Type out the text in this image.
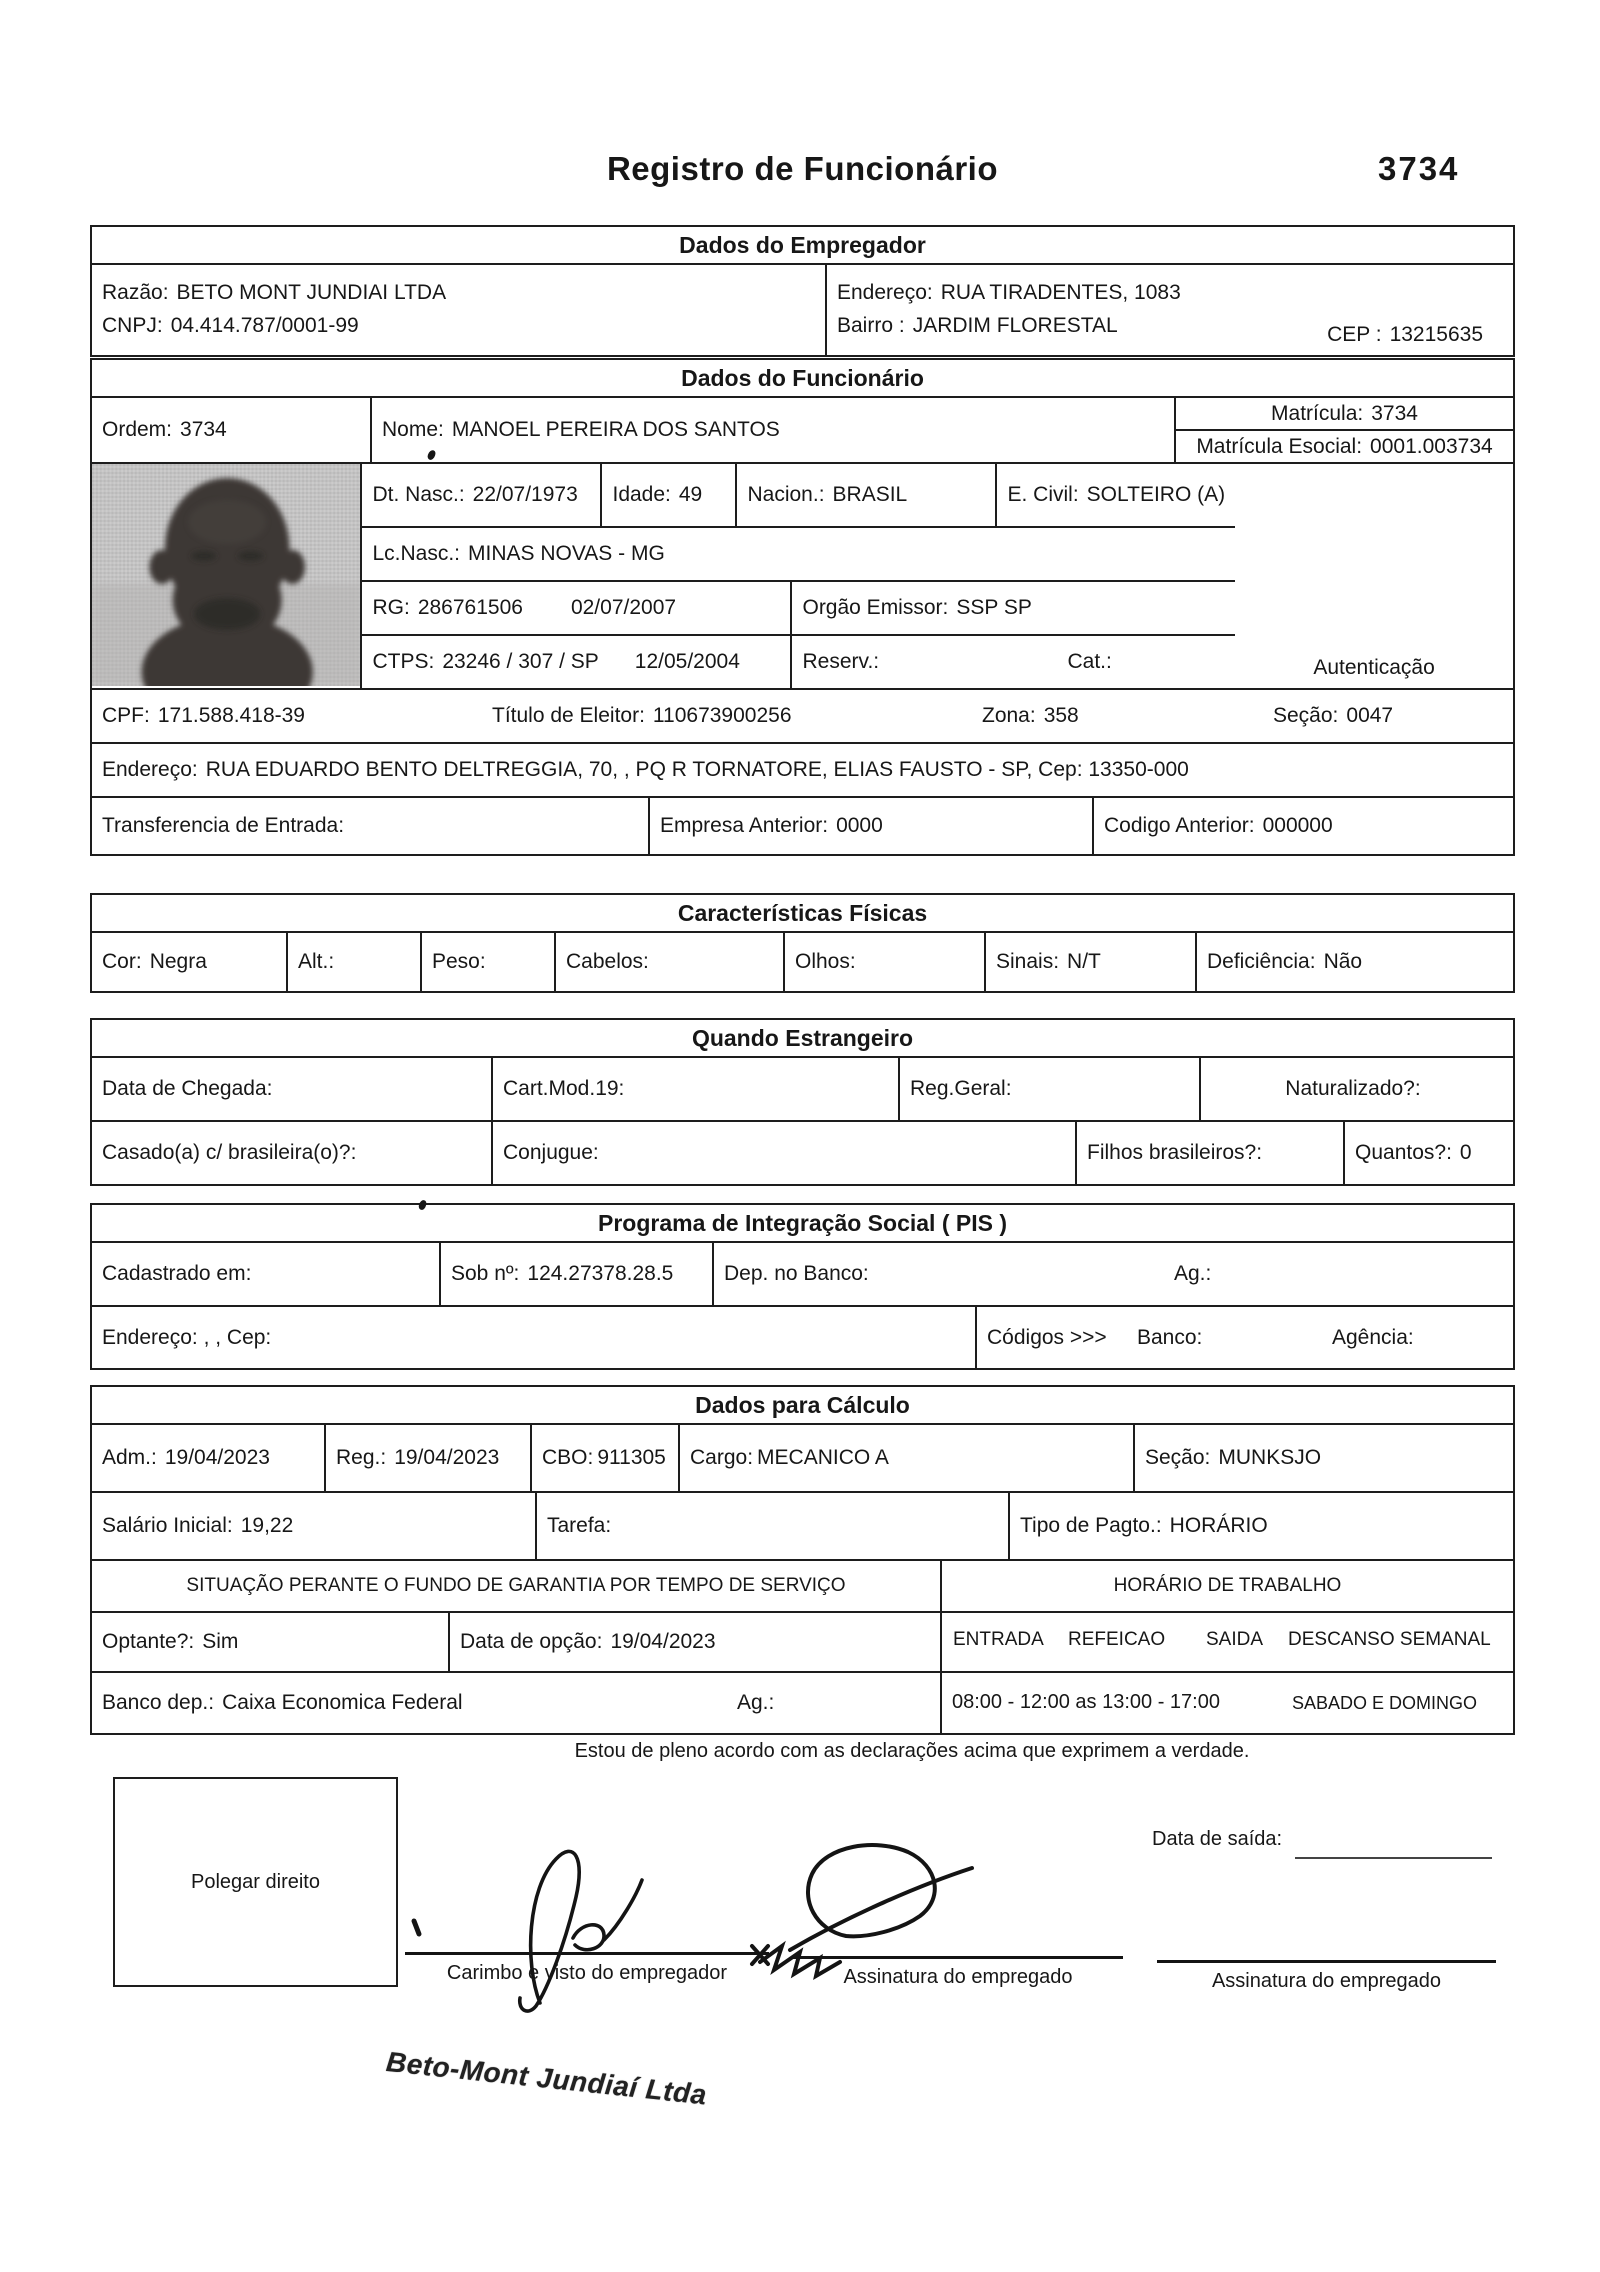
Registro de Funcionário	3734
Dados do Empregador
Razão: BETO MONT JUNDIAI LTDA
CNPJ: 04.414.787/0001-99
Endereço: RUA TIRADENTES, 1083
Bairro : JARDIM FLORESTAL	CEP : 13215635
Dados do Funcionário
Ordem: 3734	Nome: MANOEL PEREIRA DOS SANTOS
Matrícula: 3734
Matrícula Esocial: 0001.003734
Dt. Nasc.: 22/07/1973 Idade: 49 Nacion.: BRASIL	E. Civil: SOLTEIRO (A)
Lc.Nasc.: MINAS NOVAS - MG
RG: 286761506 02/07/2007	Orgão Emissor: SSP SP
CTPS: 23246 / 307 / SP 12/05/2004	Reserv.:	Cat.:	Autenticação
CPF: 171.588.418-39	Título de Eleitor: 110673900256	Zona: 358	Seção: 0047
Endereço: RUA EDUARDO BENTO DELTREGGIA, 70, , PQ R TORNATORE, ELIAS FAUSTO - SP, Cep: 13350-000
Transferencia de Entrada:	Empresa Anterior: 0000	Codigo Anterior: 000000
Características Físicas
Cor: Negra	Alt.:	Peso:	Cabelos:	Olhos:	Sinais: N/T	Deficiência: Não
Quando Estrangeiro
Data de Chegada:	Cart.Mod.19:	Reg.Geral:	Naturalizado?:
Casado(a) c/ brasileira(o)?:	Conjugue:	Filhos brasileiros?:	Quantos?: 0
Programa de Integração Social ( PIS )
Cadastrado em:	Sob nº: 124.27378.28.5 Dep. no Banco:	Ag.:
Endereço: , , Cep:	Códigos >>> Banco:	Agência:
Dados para Cálculo
Adm.: 19/04/2023	Reg.: 19/04/2023 CBO: 911305 Cargo: MECANICO A	Seção: MUNKSJO
Salário Inicial: 19,22	Tarefa:	Tipo de Pagto.: HORÁRIO
SITUAÇÃO PERANTE O FUNDO DE GARANTIA POR TEMPO DE SERVIÇO	HORÁRIO DE TRABALHO
Optante?: Sim	Data de opção: 19/04/2023	ENTRADA REFEICAO SAIDA DESCANSO SEMANAL
Banco dep.: Caixa Economica Federal	Ag.:	08:00 - 12:00 as 13:00 - 17:00	SABADO E DOMINGO
Estou de pleno acordo com as declarações acima que exprimem a verdade.
Polegar direito
Data de saída:
Carimbo e visto do empregador	Assinatura do empregado	Assinatura do empregado
Beto-Mont Jundiaí Ltda
